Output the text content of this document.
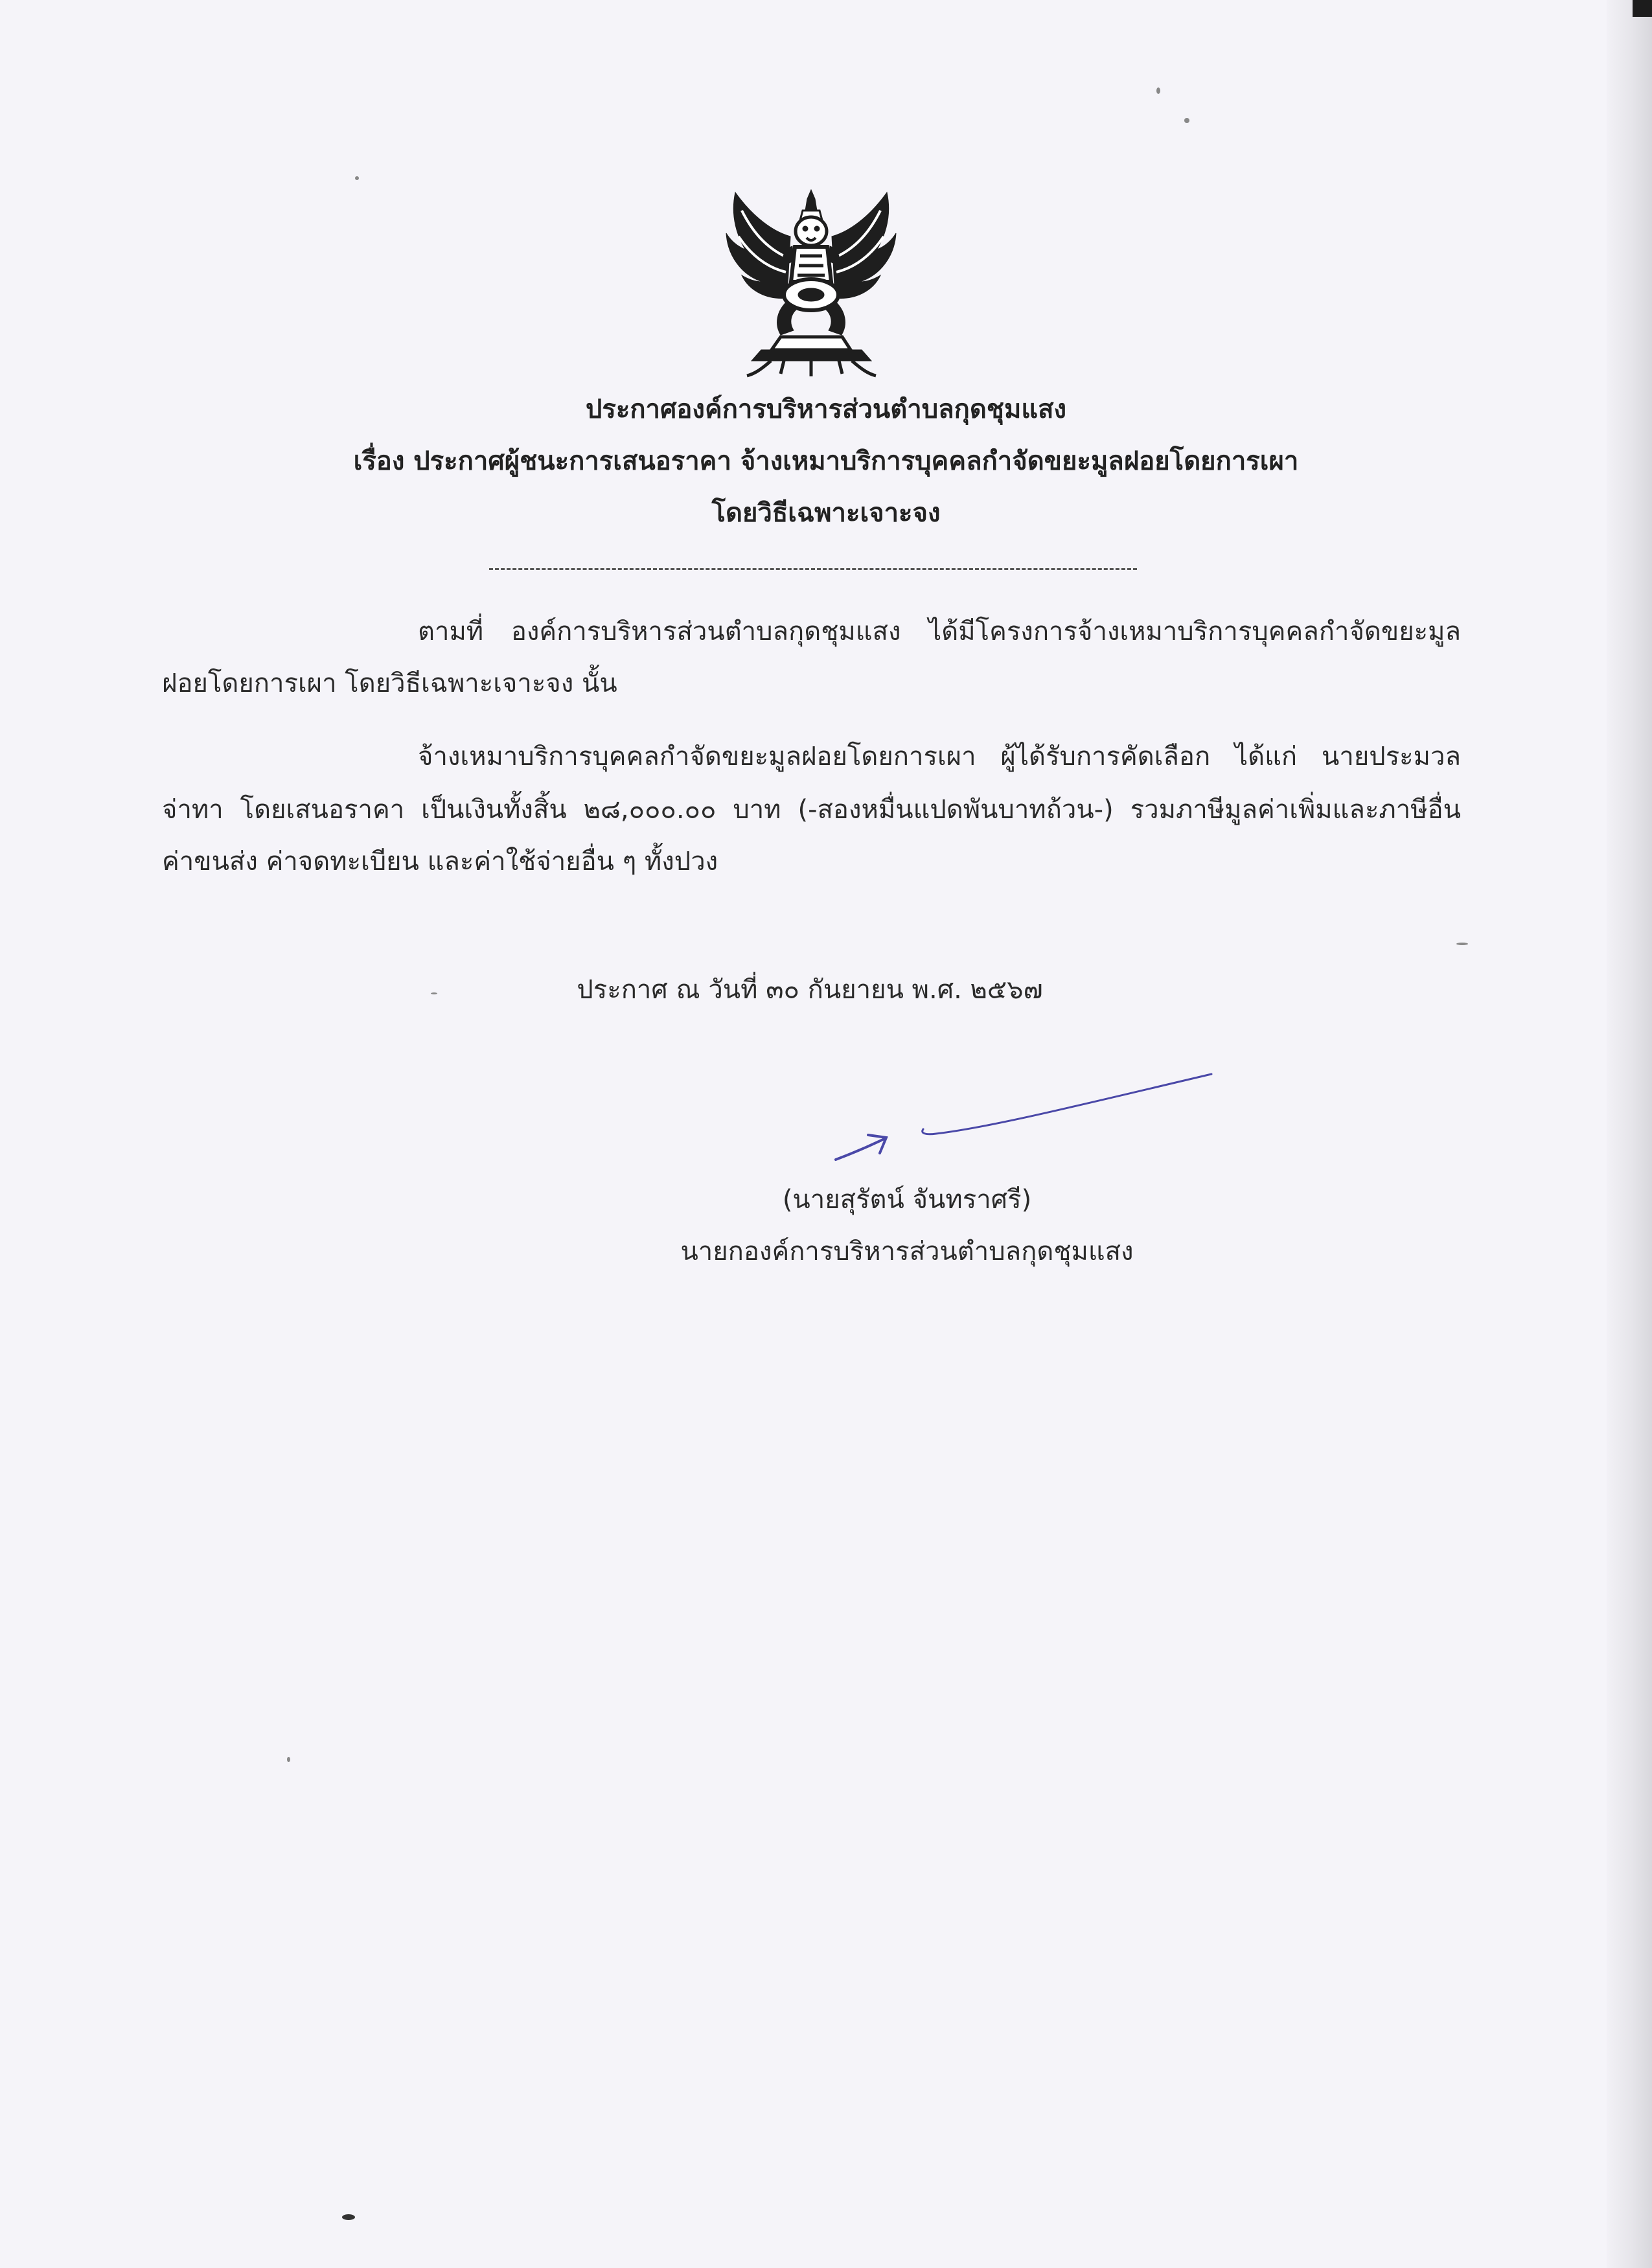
ประกาศองค์การบริหารส่วนตำบลกุดชุมแสง
เรื่อง ประกาศผู้ชนะการเสนอราคา จ้างเหมาบริการบุคคลกำจัดขยะมูลฝอยโดยการเผา
โดยวิธีเฉพาะเจาะจง
ตามที่ องค์การบริหารส่วนตำบลกุดชุมแสง ได้มีโครงการจ้างเหมาบริการบุคคลกำจัดขยะมูล
ฝอยโดยการเผา โดยวิธีเฉพาะเจาะจง นั้น
จ้างเหมาบริการบุคคลกำจัดขยะมูลฝอยโดยการเผา ผู้ได้รับการคัดเลือก ได้แก่ นายประมวล
จ่าทา โดยเสนอราคา เป็นเงินทั้งสิ้น ๒๘,๐๐๐.๐๐ บาท (-สองหมื่นแปดพันบาทถ้วน-) รวมภาษีมูลค่าเพิ่มและภาษีอื่น
ค่าขนส่ง ค่าจดทะเบียน และค่าใช้จ่ายอื่น ๆ ทั้งปวง
ประกาศ ณ วันที่ ๓๐ กันยายน พ.ศ. ๒๕๖๗
(นายสุรัตน์ จันทราศรี)
นายกองค์การบริหารส่วนตำบลกุดชุมแสง
